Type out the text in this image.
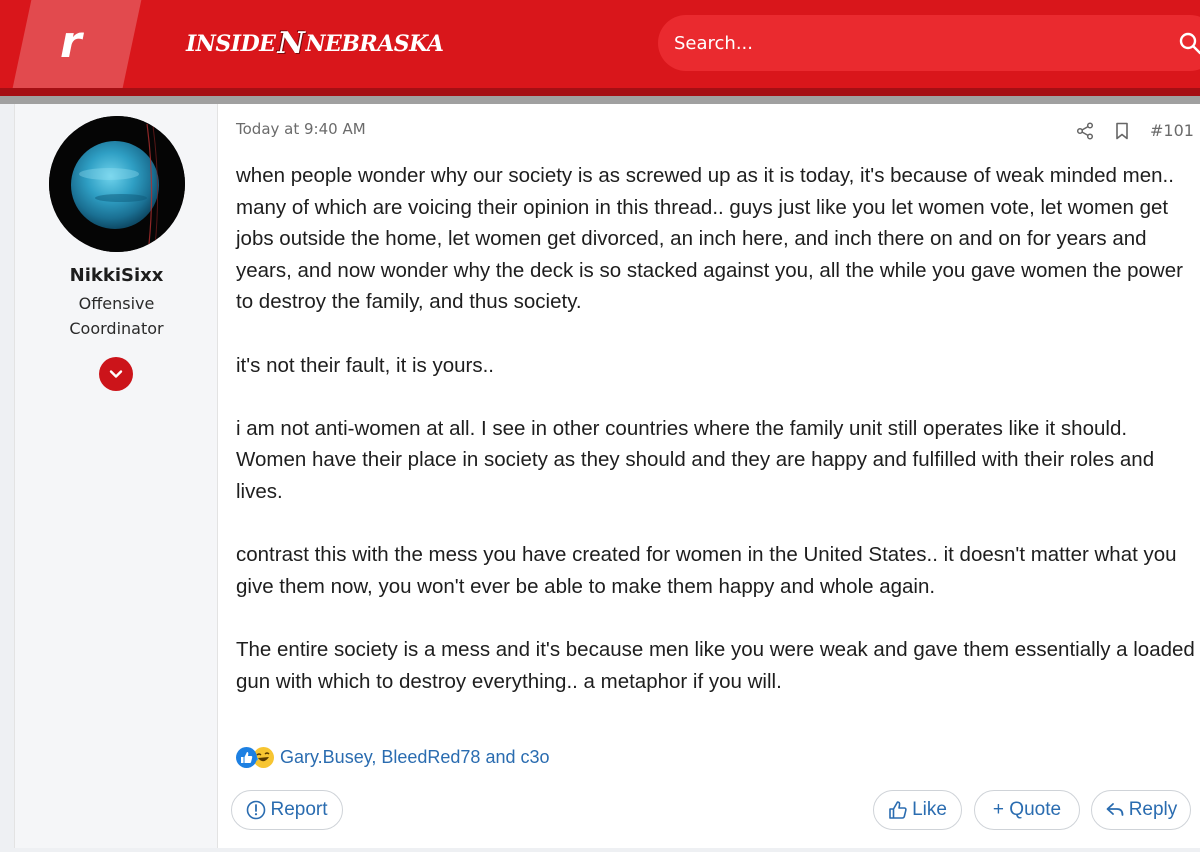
r	INSIDE N NEBRASKA
Search...
NikkiSixx
Offensive Coordinator
Today at 9:40 AM	#101

when people wonder why our society is as screwed up as it is today, it's because of weak minded men.. many of which are voicing their opinion in this thread.. guys just like you let women vote, let women get jobs outside the home, let women get divorced, an inch here, and inch there on and on for years and years, and now wonder why the deck is so stacked against you, all the while you gave women the power to destroy the family, and thus society.

it's not their fault, it is yours..

i am not anti-women at all. I see in other countries where the family unit still operates like it should. Women have their place in society as they should and they are happy and fulfilled with their roles and lives.

contrast this with the mess you have created for women in the United States.. it doesn't matter what you give them now, you won't ever be able to make them happy and whole again.

The entire society is a mess and it's because men like you were weak and gave them essentially a loaded gun with which to destroy everything.. a metaphor if you will.

Gary.Busey, BleedRed78 and c3o
Report	Like + Quote	Reply
